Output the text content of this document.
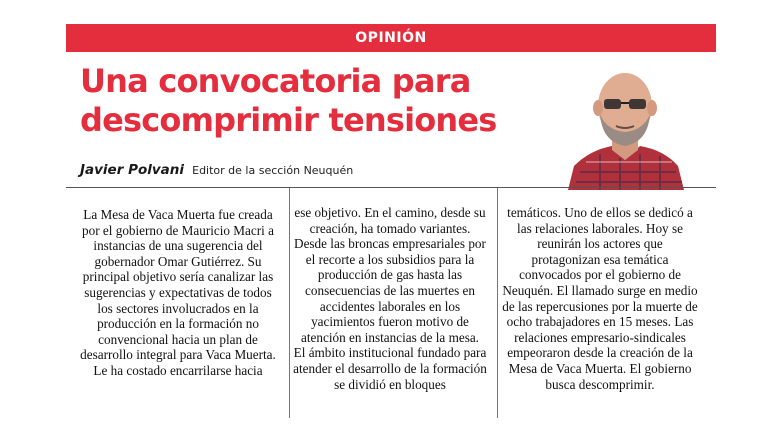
OPINIÓN
Una convocatoria para descomprimir tensiones
Javier Polvani Editor de la sección Neuquén

La Mesa de Vaca Muerta fue creada por el gobierno de Mauricio Macri a instancias de una sugerencia del gobernador Omar Gutiérrez. Su principal objetivo sería canalizar las sugerencias y expectativas de todos los sectores involucrados en la producción en la formación no convencional hacia un plan de desarrollo integral para Vaca Muerta.

Le ha costado encarrilarse hacia

ese objetivo. En el camino, desde su creación, ha tomado variantes. Desde las broncas empresariales por el recorte a los subsidios para la producción de gas hasta las consecuencias de las muertes en accidentes laborales en los yacimientos fueron motivo de atención en instancias de la mesa.

El ámbito institucional fundado para atender el desarrollo de la formación se dividió en bloques

temáticos. Uno de ellos se dedicó a las relaciones laborales. Hoy se reunirán los actores que protagonizan esa temática convocados por el gobierno de Neuquén. El llamado surge en medio de las repercusiones por la muerte de ocho trabajadores en 15 meses. Las relaciones empresario-sindicales empeoraron desde la creación de la Mesa de Vaca Muerta. El gobierno busca descomprimir.
